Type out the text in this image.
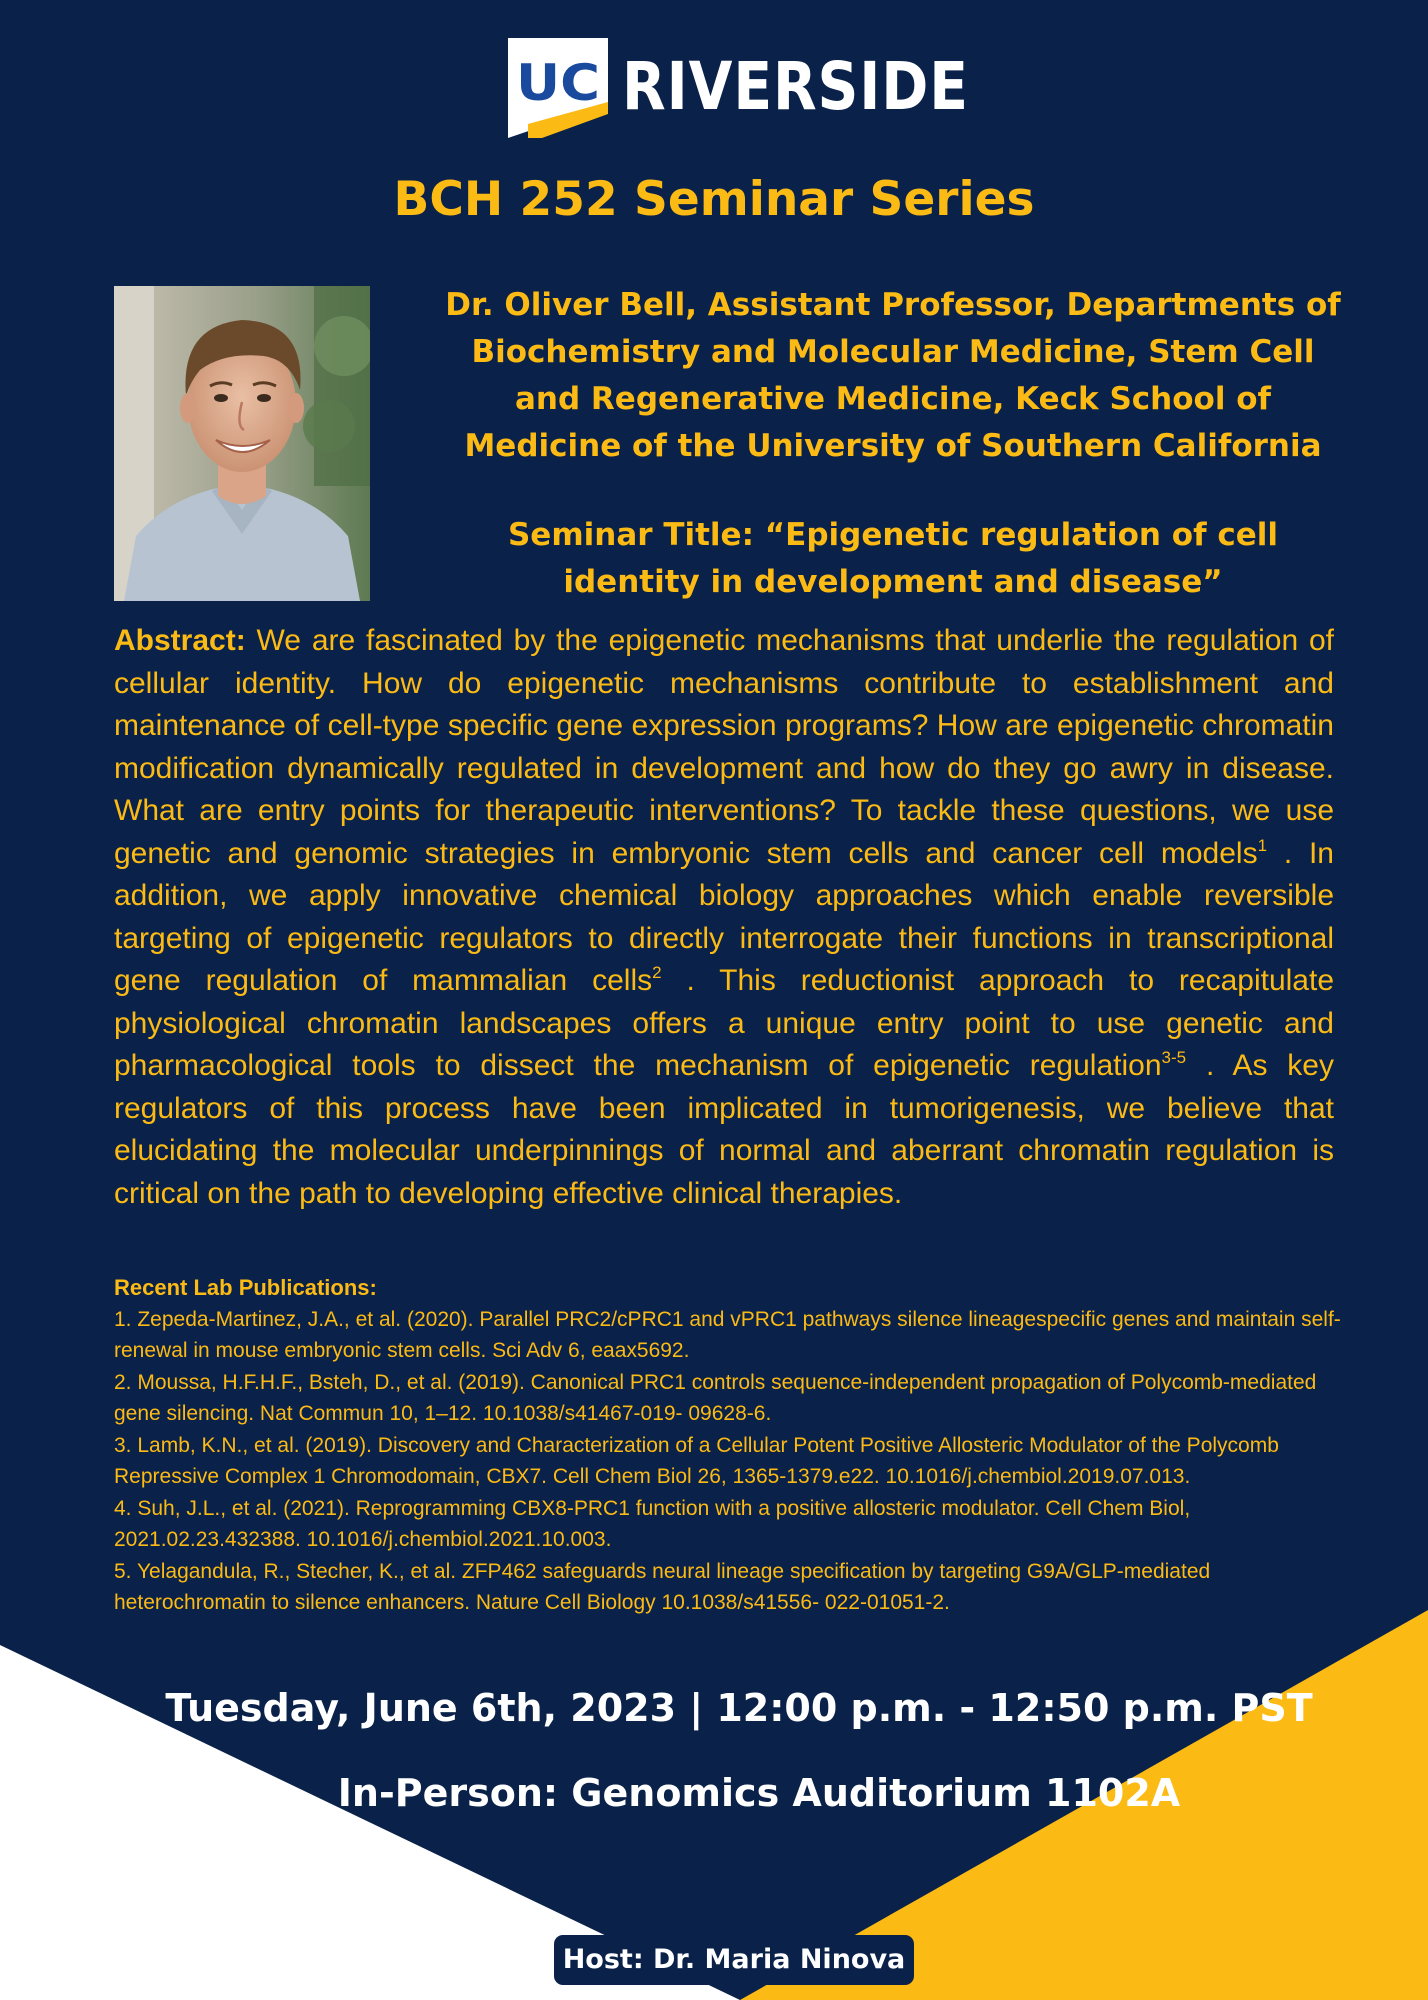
UC RIVERSIDE
BCH 252 Seminar Series
Dr. Oliver Bell, Assistant Professor, Departments of
Biochemistry and Molecular Medicine, Stem Cell
and Regenerative Medicine, Keck School of
Medicine of the University of Southern California
Seminar Title: “Epigenetic regulation of cell
identity in development and disease”
Abstract: We are fascinated by the epigenetic mechanisms that underlie the regulation of cellular identity. How do epigenetic mechanisms contribute to establishment and maintenance of cell-type specific gene expression programs? How are epigenetic chromatin modification dynamically regulated in development and how do they go awry in disease. What are entry points for therapeutic interventions? To tackle these questions, we use genetic and genomic strategies in embryonic stem cells and cancer cell models$^1$ . In addition, we apply innovative chemical biology approaches which enable reversible targeting of epigenetic regulators to directly interrogate their functions in transcriptional gene regulation of mammalian cells$^2$ . This reductionist approach to recapitulate physiological chromatin landscapes offers a unique entry point to use genetic and pharmacological tools to dissect the mechanism of epigenetic regulation$^{3-5}$ . As key regulators of this process have been implicated in tumorigenesis, we believe that elucidating the molecular underpinnings of normal and aberrant chromatin regulation is critical on the path to developing effective clinical therapies.
Recent Lab Publications:
1. Zepeda-Martinez, J.A., et al. (2020). Parallel PRC2/cPRC1 and vPRC1 pathways silence lineagespecific genes and maintain self-renewal in mouse embryonic stem cells. Sci Adv 6, eaax5692.
2. Moussa, H.F.H.F., Bsteh, D., et al. (2019). Canonical PRC1 controls sequence-independent propagation of Polycomb-mediated gene silencing. Nat Commun 10, 1–12. 10.1038/s41467-019- 09628-6.
3. Lamb, K.N., et al. (2019). Discovery and Characterization of a Cellular Potent Positive Allosteric Modulator of the Polycomb Repressive Complex 1 Chromodomain, CBX7. Cell Chem Biol 26, 1365-1379.e22. 10.1016/j.chembiol.2019.07.013.
4. Suh, J.L., et al. (2021). Reprogramming CBX8-PRC1 function with a positive allosteric modulator. Cell Chem Biol, 2021.02.23.432388. 10.1016/j.chembiol.2021.10.003.
5. Yelagandula, R., Stecher, K., et al. ZFP462 safeguards neural lineage specification by targeting G9A/GLP-mediated heterochromatin to silence enhancers. Nature Cell Biology 10.1038/s41556- 022-01051-2.
Tuesday, June 6th, 2023 | 12:00 p.m. - 12:50 p.m. PST
In-Person: Genomics Auditorium 1102A
Host: Dr. Maria Ninova
